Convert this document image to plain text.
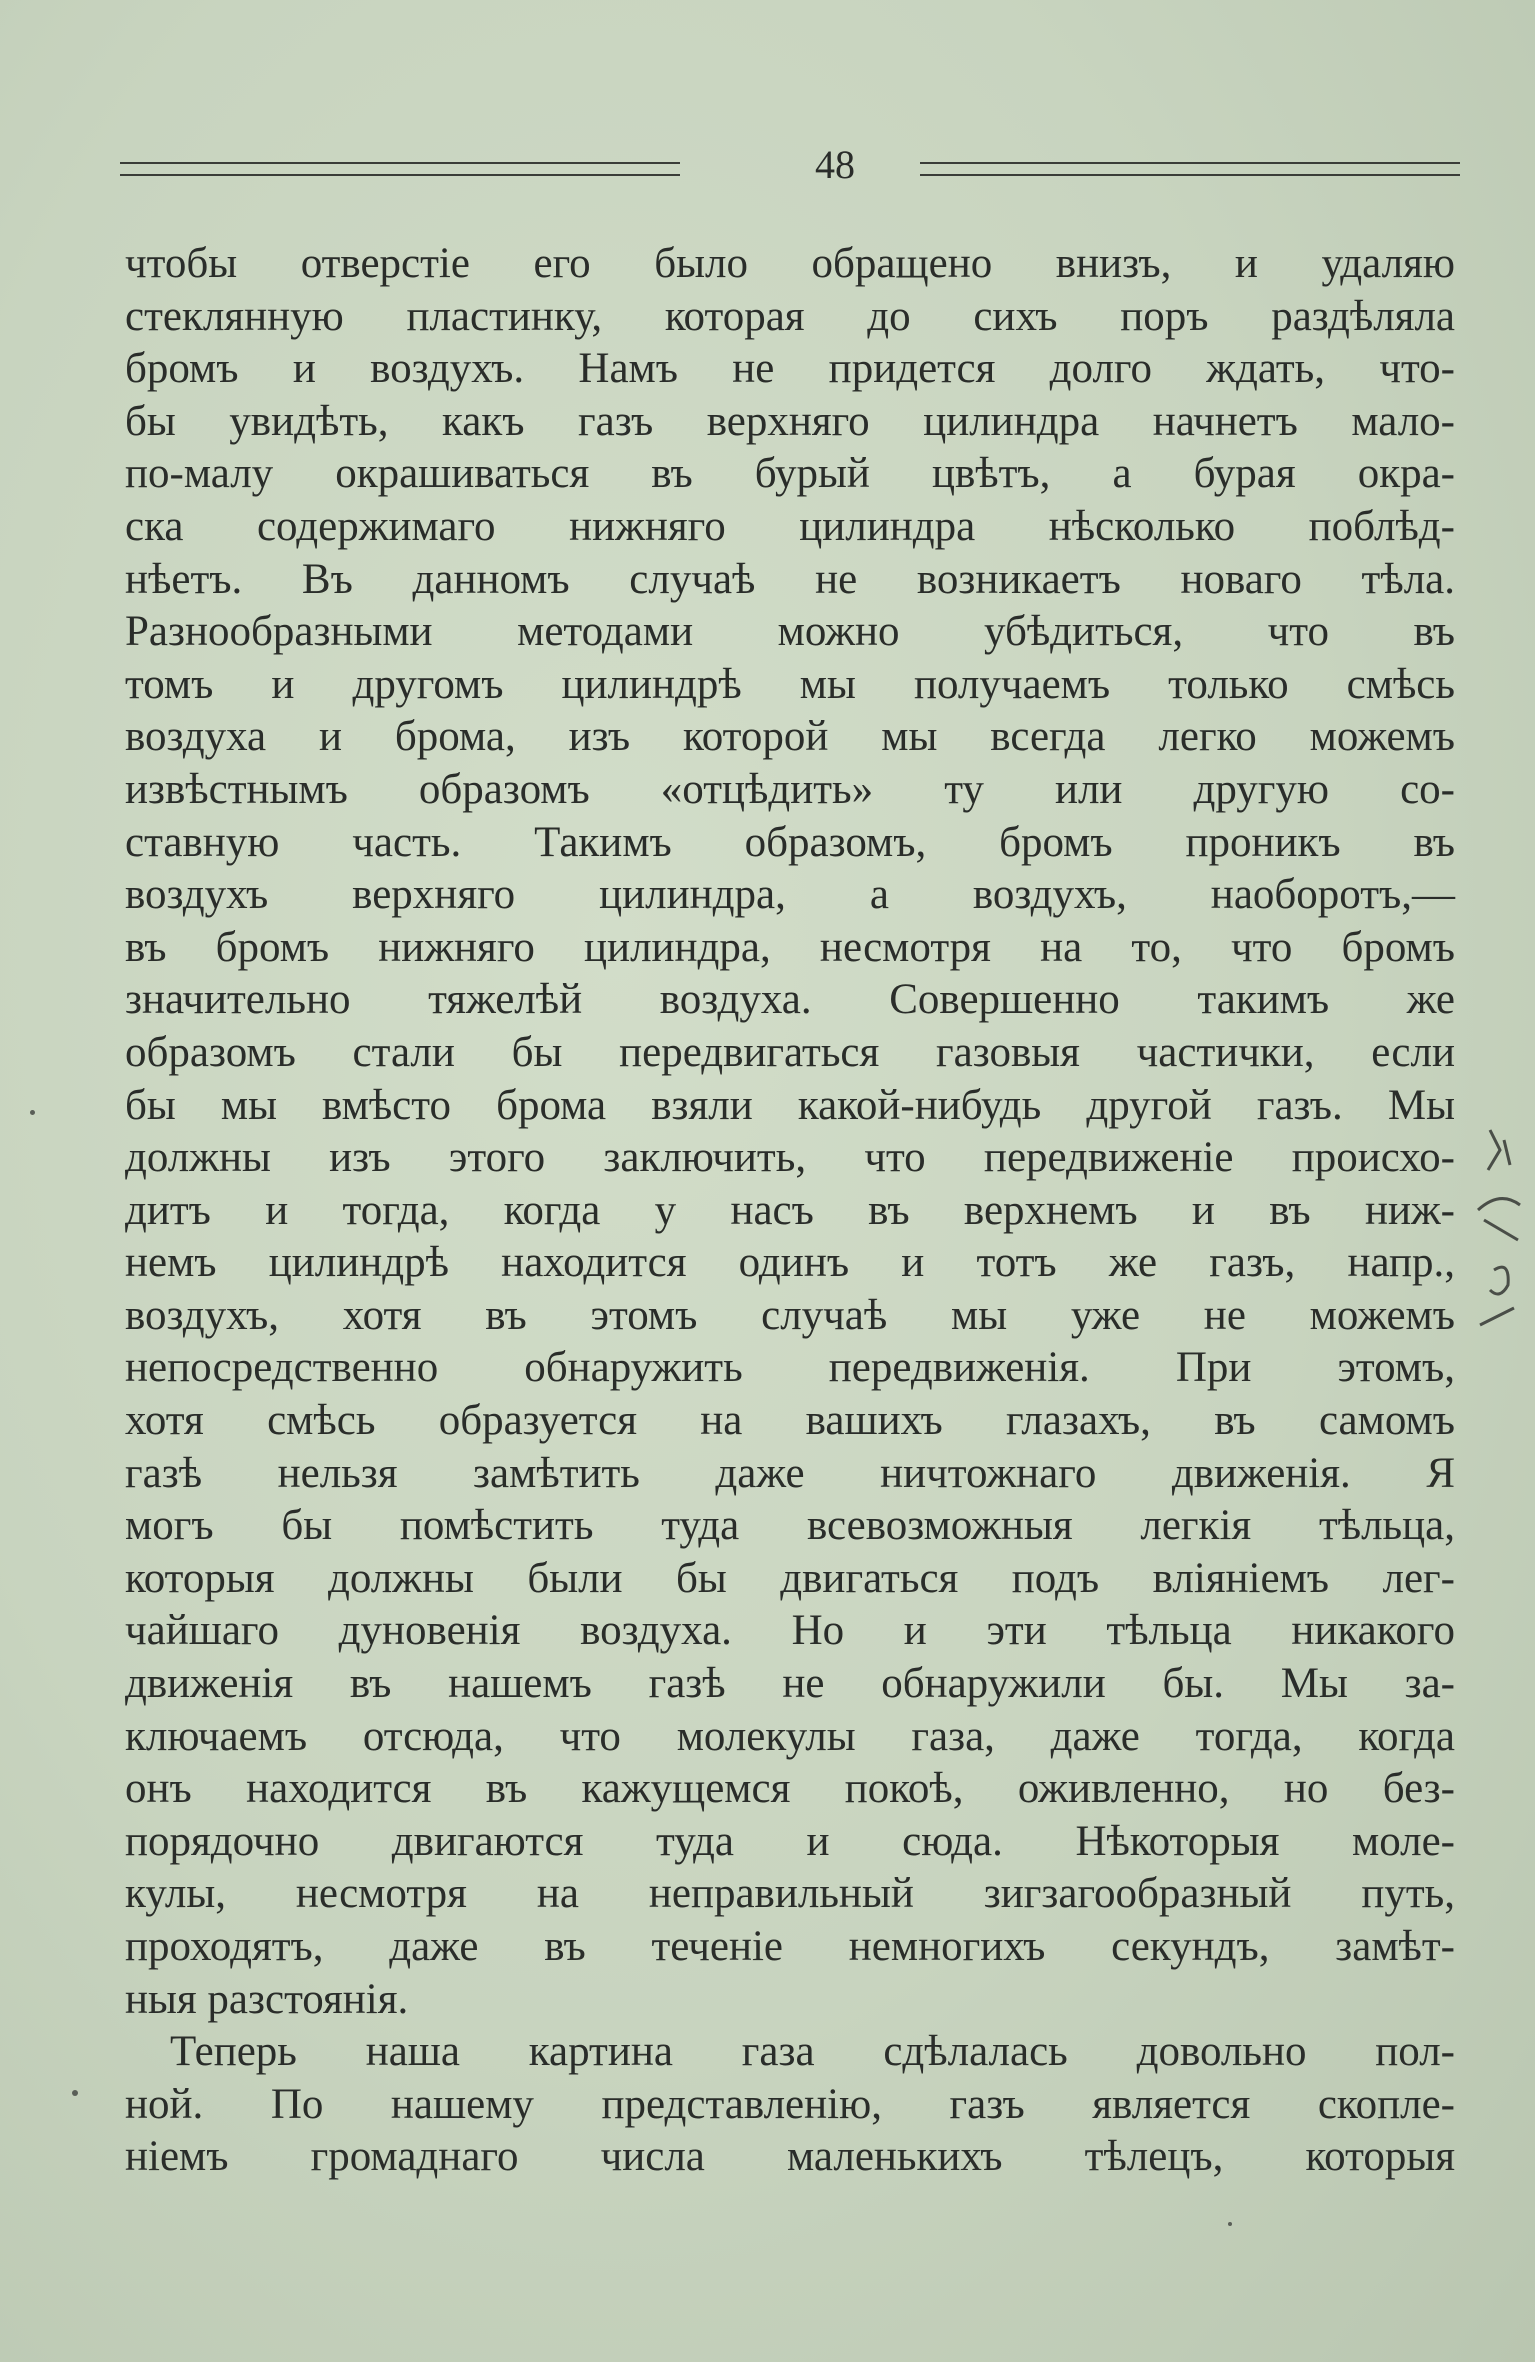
48
чтобы отверстіе его было обращено внизъ, и удаляю
стеклянную пластинку, которая до сихъ поръ раздѣляла
бромъ и воздухъ. Намъ не придется долго ждать, что-
бы увидѣть, какъ газъ верхняго цилиндра начнетъ мало-
по-малу окрашиваться въ бурый цвѣтъ, а бурая окра-
ска содержимаго нижняго цилиндра нѣсколько поблѣд-
нѣетъ. Въ данномъ случаѣ не возникаетъ новаго тѣла.
Разнообразными методами можно убѣдиться, что въ
томъ и другомъ цилиндрѣ мы получаемъ только смѣсь
воздуха и брома, изъ которой мы всегда легко можемъ
извѣстнымъ образомъ «отцѣдить» ту или другую со-
ставную часть. Такимъ образомъ, бромъ проникъ въ
воздухъ верхняго цилиндра, а воздухъ, наоборотъ,—
въ бромъ нижняго цилиндра, несмотря на то, что бромъ
значительно тяжелѣй воздуха. Совершенно такимъ же
образомъ стали бы передвигаться газовыя частички, если
бы мы вмѣсто брома взяли какой-нибудь другой газъ. Мы
должны изъ этого заключить, что передвиженіе происхо-
дитъ и тогда, когда у насъ въ верхнемъ и въ ниж-
немъ цилиндрѣ находится одинъ и тотъ же газъ, напр.,
воздухъ, хотя въ этомъ случаѣ мы уже не можемъ
непосредственно обнаружить передвиженія. При этомъ,
хотя смѣсь образуется на вашихъ глазахъ, въ самомъ
газѣ нельзя замѣтить даже ничтожнаго движенія. Я
могъ бы помѣстить туда всевозможныя легкія тѣльца,
которыя должны были бы двигаться подъ вліяніемъ лег-
чайшаго дуновенія воздуха. Но и эти тѣльца никакого
движенія въ нашемъ газѣ не обнаружили бы. Мы за-
ключаемъ отсюда, что молекулы газа, даже тогда, когда
онъ находится въ кажущемся покоѣ, оживленно, но без-
порядочно двигаются туда и сюда. Нѣкоторыя моле-
кулы, несмотря на неправильный зигзагообразный путь,
проходятъ, даже въ теченіе немногихъ секундъ, замѣт-
ныя разстоянія.
Теперь наша картина газа сдѣлалась довольно пол-
ной. По нашему представленію, газъ является скопле-
ніемъ громаднаго числа маленькихъ тѣлецъ, которыя
